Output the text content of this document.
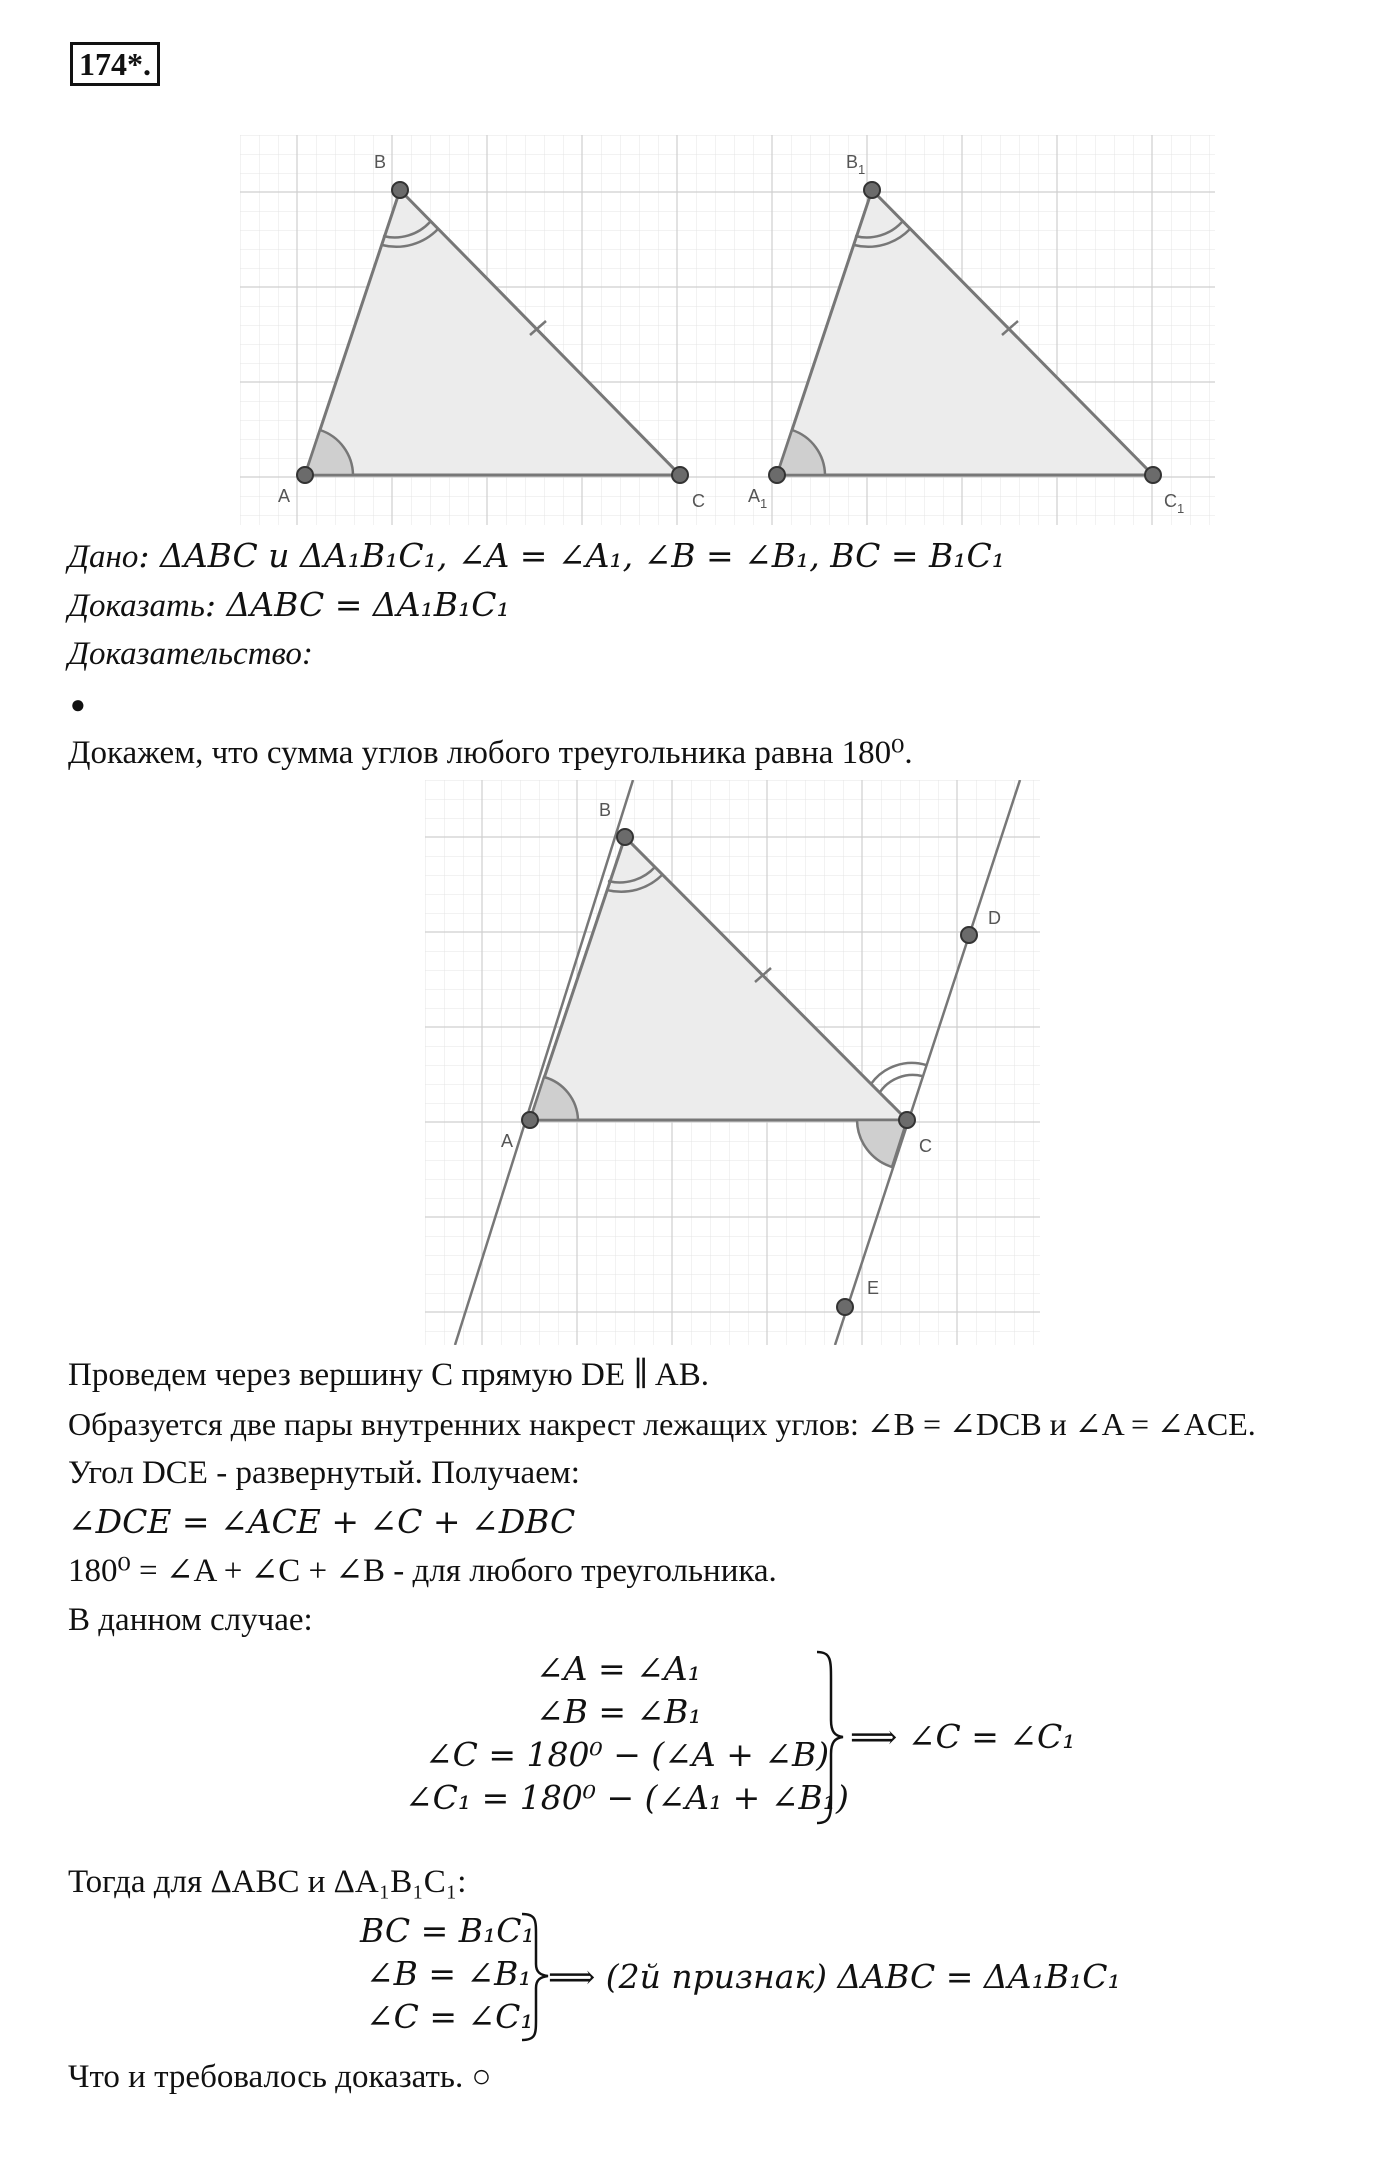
174*.
A
B
C $A_1$
$B_1$
$C_1$
Дано: ΔABC и ΔA₁B₁C₁, ∠A = ∠A₁, ∠B = ∠B₁, BC = B₁C₁
Доказать: ΔABC = ΔA₁B₁C₁
Доказательство:
●
Докажем, что сумма углов любого треугольника равна 180⁰.
A
B
C
D
E
Проведем через вершину C прямую DE ∥ AB.
Образуется две пары внутренних накрест лежащих углов: ∠B = ∠DCB и ∠A = ∠ACE.
Угол DCE - развернутый. Получаем:
∠DCE = ∠ACE + ∠C + ∠DBC
180⁰ = ∠A + ∠C + ∠B - для любого треугольника.
В данном случае:
∠A = ∠A₁
∠B = ∠B₁
∠C = 180⁰ − (∠A + ∠B)
∠C₁ = 180⁰ − (∠A₁ + ∠B₁)
⟹ ∠C = ∠C₁
Тогда для ΔABC и ΔA₁B₁C₁:
BC = B₁C₁
∠B = ∠B₁
∠C = ∠C₁
⟹ (2й признак) ΔABC = ΔA₁B₁C₁
Что и требовалось доказать. ○
